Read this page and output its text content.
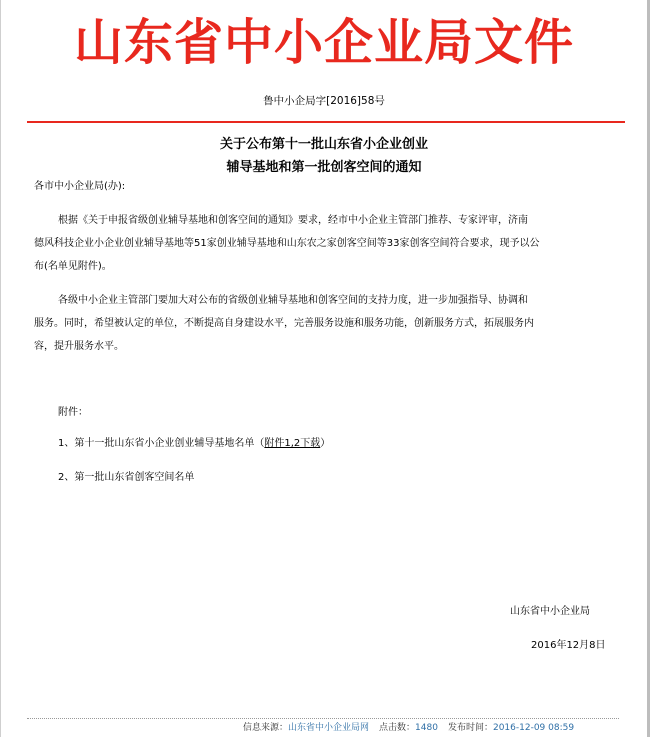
山东省中小企业局文件
鲁中小企局字[2016]58号
关于公布第十一批山东省小企业创业
辅导基地和第一批创客空间的通知
各市中小企业局(办):
根据《关于申报省级创业辅导基地和创客空间的通知》要求，经市中小企业主管部门推荐、专家评审，济南
德风科技企业小企业创业辅导基地等51家创业辅导基地和山东农之家创客空间等33家创客空间符合要求，现予以公
布(名单见附件)。
各级中小企业主管部门要加大对公布的省级创业辅导基地和创客空间的支持力度，进一步加强指导、协调和
服务。同时，希望被认定的单位，不断提高自身建设水平，完善服务设施和服务功能，创新服务方式，拓展服务内
容，提升服务水平。
附件：
1、第十一批山东省小企业创业辅导基地名单（附件1,2下载）
2、第一批山东省创客空间名单
山东省中小企业局
2016年12月8日
信息来源：山东省中小企业局网 点击数：1480 发布时间：2016-12-09 08:59
